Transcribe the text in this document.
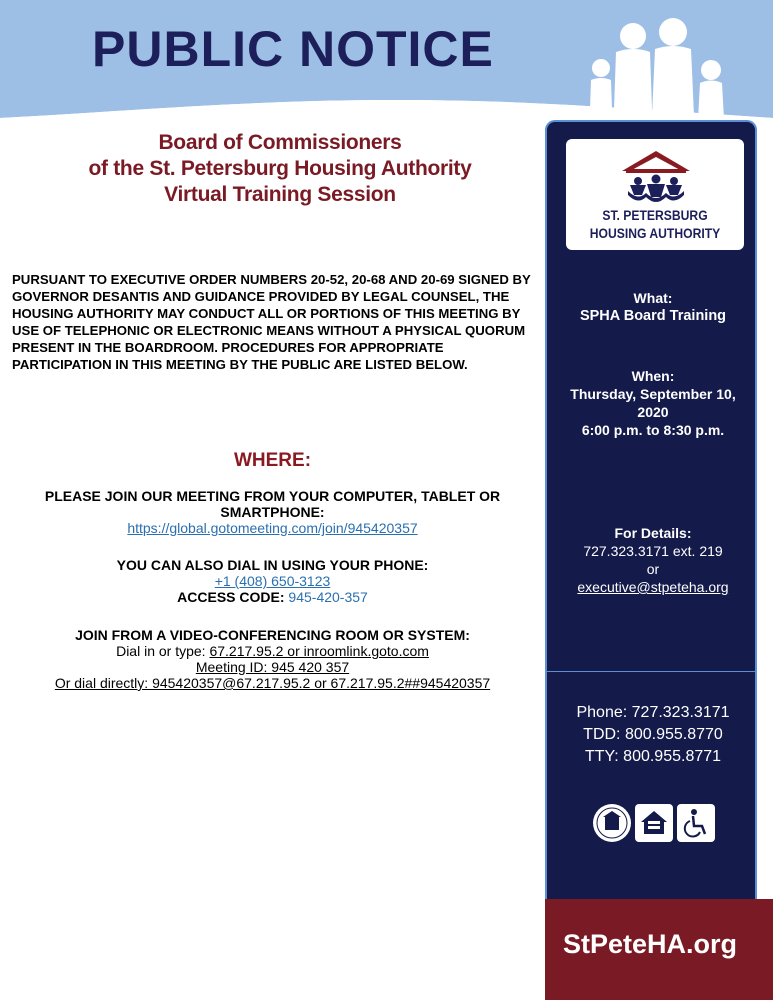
PUBLIC NOTICE
Board of Commissioners
of the St. Petersburg Housing Authority
Virtual Training Session
PURSUANT TO EXECUTIVE ORDER NUMBERS 20-52, 20-68 AND 20-69 SIGNED BY GOVERNOR DESANTIS AND GUIDANCE PROVIDED BY LEGAL COUNSEL, THE HOUSING AUTHORITY MAY CONDUCT ALL OR PORTIONS OF THIS MEETING BY USE OF TELEPHONIC OR ELECTRONIC MEANS WITHOUT A PHYSICAL QUORUM PRESENT IN THE BOARDROOM. PROCEDURES FOR APPROPRIATE PARTICIPATION IN THIS MEETING BY THE PUBLIC ARE LISTED BELOW.
WHERE:
PLEASE JOIN OUR MEETING FROM YOUR COMPUTER, TABLET OR SMARTPHONE:
https://global.gotomeeting.com/join/945420357
YOU CAN ALSO DIAL IN USING YOUR PHONE:
+1 (408) 650-3123
ACCESS CODE: 945-420-357
JOIN FROM A VIDEO-CONFERENCING ROOM OR SYSTEM:
Dial in or type: 67.217.95.2 or inroomlink.goto.com
Meeting ID: 945 420 357
Or dial directly: 945420357@67.217.95.2 or 67.217.95.2##945420357
ST. PETERSBURG
HOUSING AUTHORITY
What:
SPHA Board Training
When:
Thursday, September 10,
2020
6:00 p.m. to 8:30 p.m.
For Details:
727.323.3171 ext. 219
or
executive@stpeteha.org
Phone: 727.323.3171
TDD: 800.955.8770
TTY: 800.955.8771
StPeteHA.org
